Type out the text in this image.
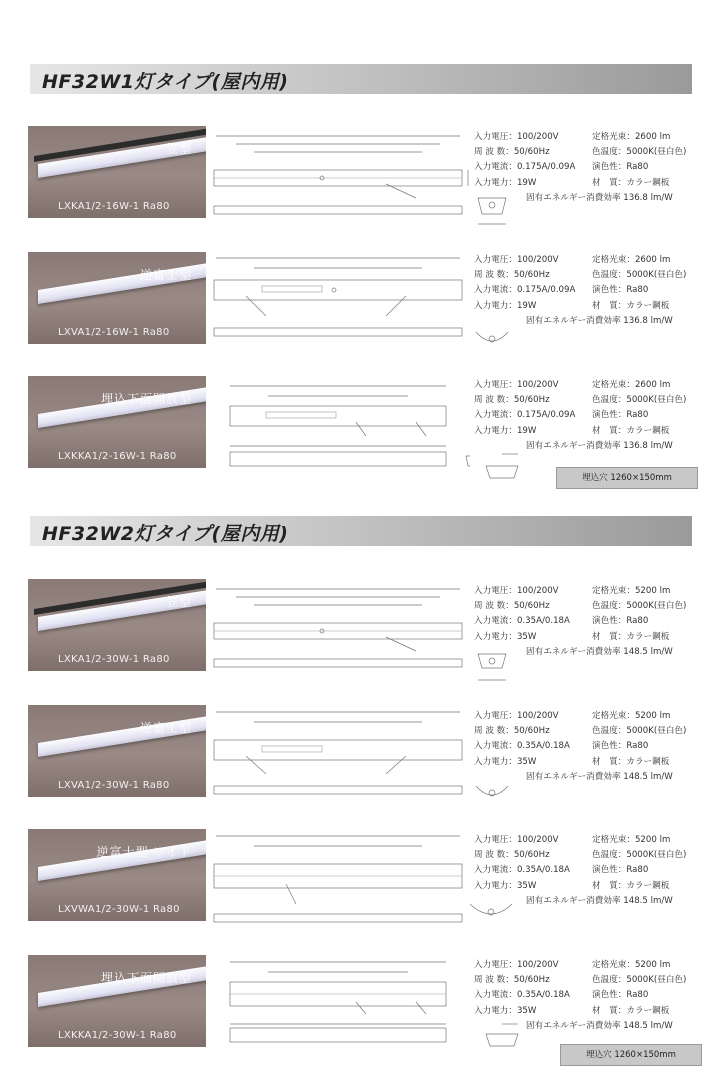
HF32W1灯タイプ(屋内用)
笠型
LXKA1/2-16W-1 Ra80
入力電圧：100/200V	定格光束：2600 lm
周 波 数：50/60Hz	色温度：5000K(昼白色)
入力電流：0.175A/0.09A 演色性：Ra80
入力電力：19W	材　質：カラー鋼板
固有エネルギー消費効率 136.8 lm/W
逆富士型
LXVA1/2-16W-1 Ra80
入力電圧：100/200V	定格光束：2600 lm
周 波 数：50/60Hz	色温度：5000K(昼白色)
入力電流：0.175A/0.09A 演色性：Ra80
入力電力：19W	材　質：カラー鋼板
固有エネルギー消費効率 136.8 lm/W
埋込下面開放型
LXKKA1/2-16W-1 Ra80
入力電圧：100/200V	定格光束：2600 lm
周 波 数：50/60Hz	色温度：5000K(昼白色)
入力電流：0.175A/0.09A 演色性：Ra80
入力電力：19W	材　質：カラー鋼板
固有エネルギー消費効率 136.8 lm/W
埋込穴 1260×150mm
HF32W2灯タイプ(屋内用)
笠型
LXKA1/2-30W-1 Ra80
入力電圧：100/200V	定格光束：5200 lm
周 波 数：50/60Hz	色温度：5000K(昼白色)
入力電流：0.35A/0.18A	演色性：Ra80
入力電力：35W	材　質：カラー鋼板
固有エネルギー消費効率 148.5 lm/W
逆富士型
LXVA1/2-30W-1 Ra80
入力電圧：100/200V	定格光束：5200 lm
周 波 数：50/60Hz	色温度：5000K(昼白色)
入力電流：0.35A/0.18A	演色性：Ra80
入力電力：35W	材　質：カラー鋼板
固有エネルギー消費効率 148.5 lm/W
逆富士型 ワイド
LXVWA1/2-30W-1 Ra80
入力電圧：100/200V	定格光束：5200 lm
周 波 数：50/60Hz	色温度：5000K(昼白色)
入力電流：0.35A/0.18A	演色性：Ra80
入力電力：35W	材　質：カラー鋼板
固有エネルギー消費効率 148.5 lm/W
埋込下面開放型
LXKKA1/2-30W-1 Ra80
入力電圧：100/200V	定格光束：5200 lm
周 波 数：50/60Hz	色温度：5000K(昼白色)
入力電流：0.35A/0.18A	演色性：Ra80
入力電力：35W	材　質：カラー鋼板
固有エネルギー消費効率 148.5 lm/W
埋込穴 1260×150mm
